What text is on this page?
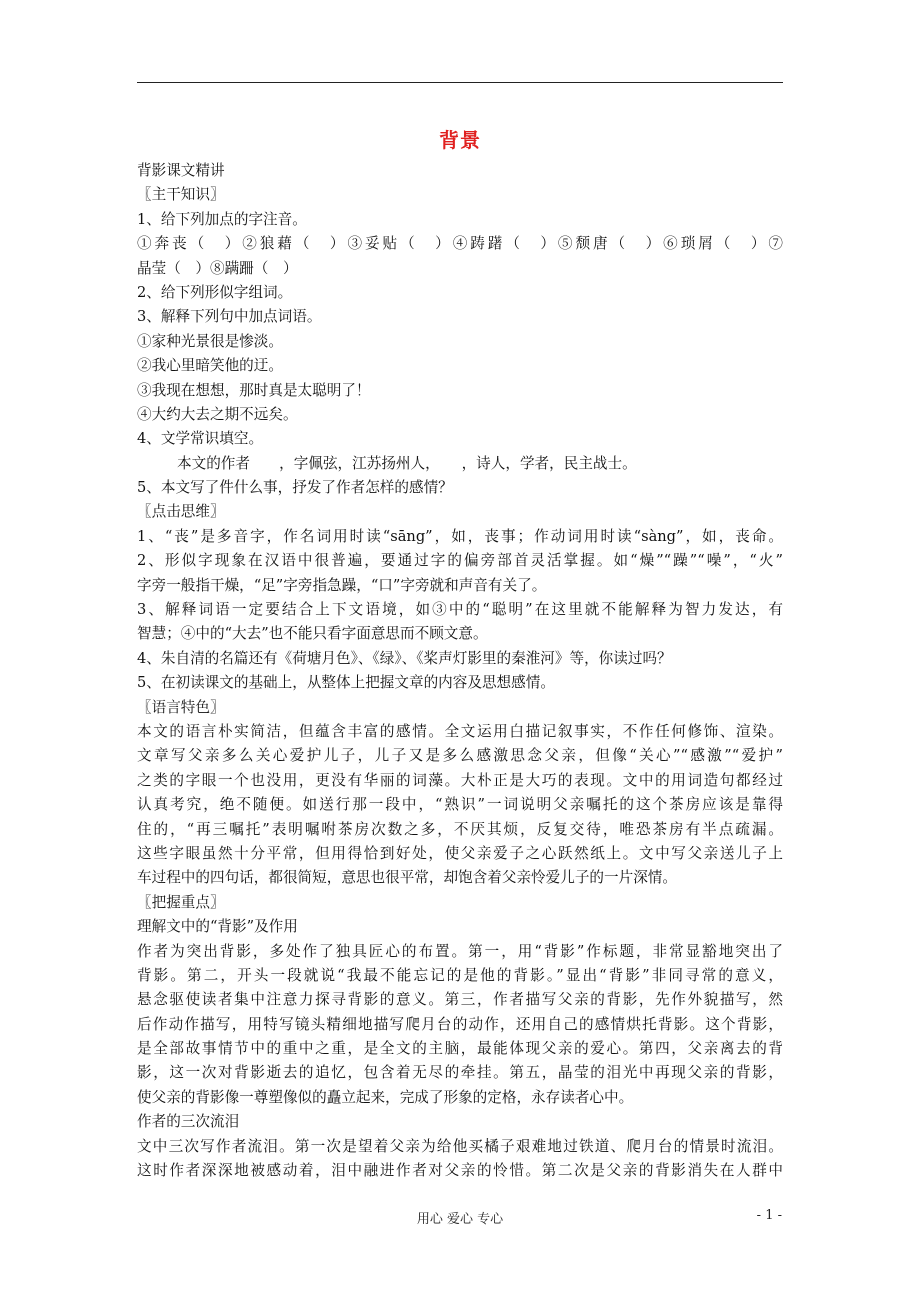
背景
背影课文精讲
〖主干知识〗
1、给下列加点的字注音。
①奔丧（　）②狼藉（　）③妥贴（　）④踌躇（　）⑤颓唐（　）⑥琐屑（　）⑦
晶莹（　）⑧蹒跚（　）
2、给下列形似字组词。
3、解释下列句中加点词语。
①家种光景很是惨淡。
②我心里暗笑他的迂。
③我现在想想，那时真是太聪明了！
④大约大去之期不远矣。
4、文学常识填空。
本文的作者　　，字佩弦，江苏扬州人，　　，诗人，学者，民主战士。
5、本文写了件什么事，抒发了作者怎样的感情？
〖点击思维〗
1、“丧”是多音字，作名词用时读“sāng”，如，丧事；作动词用时读“sàng”，如，丧命。
2、形似字现象在汉语中很普遍，要通过字的偏旁部首灵活掌握。如“燥”“躁”“噪”，“火”
字旁一般指干燥，“足”字旁指急躁，“口”字旁就和声音有关了。
3、解释词语一定要结合上下文语境，如③中的“聪明”在这里就不能解释为智力发达，有
智慧；④中的“大去”也不能只看字面意思而不顾文意。
4、朱自清的名篇还有《荷塘月色》、《绿》、《桨声灯影里的秦淮河》等，你读过吗？
5、在初读课文的基础上，从整体上把握文章的内容及思想感情。
〖语言特色〗
本文的语言朴实简洁，但蕴含丰富的感情。全文运用白描记叙事实，不作任何修饰、渲染。
文章写父亲多么关心爱护儿子，儿子又是多么感激思念父亲，但像“关心”“感激”“爱护”
之类的字眼一个也没用，更没有华丽的词藻。大朴正是大巧的表现。文中的用词造句都经过
认真考究，绝不随便。如送行那一段中，“熟识”一词说明父亲嘱托的这个茶房应该是靠得
住的，“再三嘱托”表明嘱咐茶房次数之多，不厌其烦，反复交待，唯恐茶房有半点疏漏。
这些字眼虽然十分平常，但用得恰到好处，使父亲爱子之心跃然纸上。文中写父亲送儿子上
车过程中的四句话，都很简短，意思也很平常，却饱含着父亲怜爱儿子的一片深情。
〖把握重点〗
理解文中的“背影”及作用
作者为突出背影，多处作了独具匠心的布置。第一，用“背影”作标题，非常显豁地突出了
背影。第二，开头一段就说“我最不能忘记的是他的背影。”显出“背影”非同寻常的意义，
悬念驱使读者集中注意力探寻背影的意义。第三，作者描写父亲的背影，先作外貌描写，然
后作动作描写，用特写镜头精细地描写爬月台的动作，还用自己的感情烘托背影。这个背影，
是全部故事情节中的重中之重，是全文的主脑，最能体现父亲的爱心。第四，父亲离去的背
影，这一次对背影逝去的追忆，包含着无尽的牵挂。第五，晶莹的泪光中再现父亲的背影，
使父亲的背影像一尊塑像似的矗立起来，完成了形象的定格，永存读者心中。
作者的三次流泪
文中三次写作者流泪。第一次是望着父亲为给他买橘子艰难地过铁道、爬月台的情景时流泪。
这时作者深深地被感动着，泪中融进作者对父亲的怜惜。第二次是父亲的背影消失在人群中
用心 爱心 专心	- 1 -
